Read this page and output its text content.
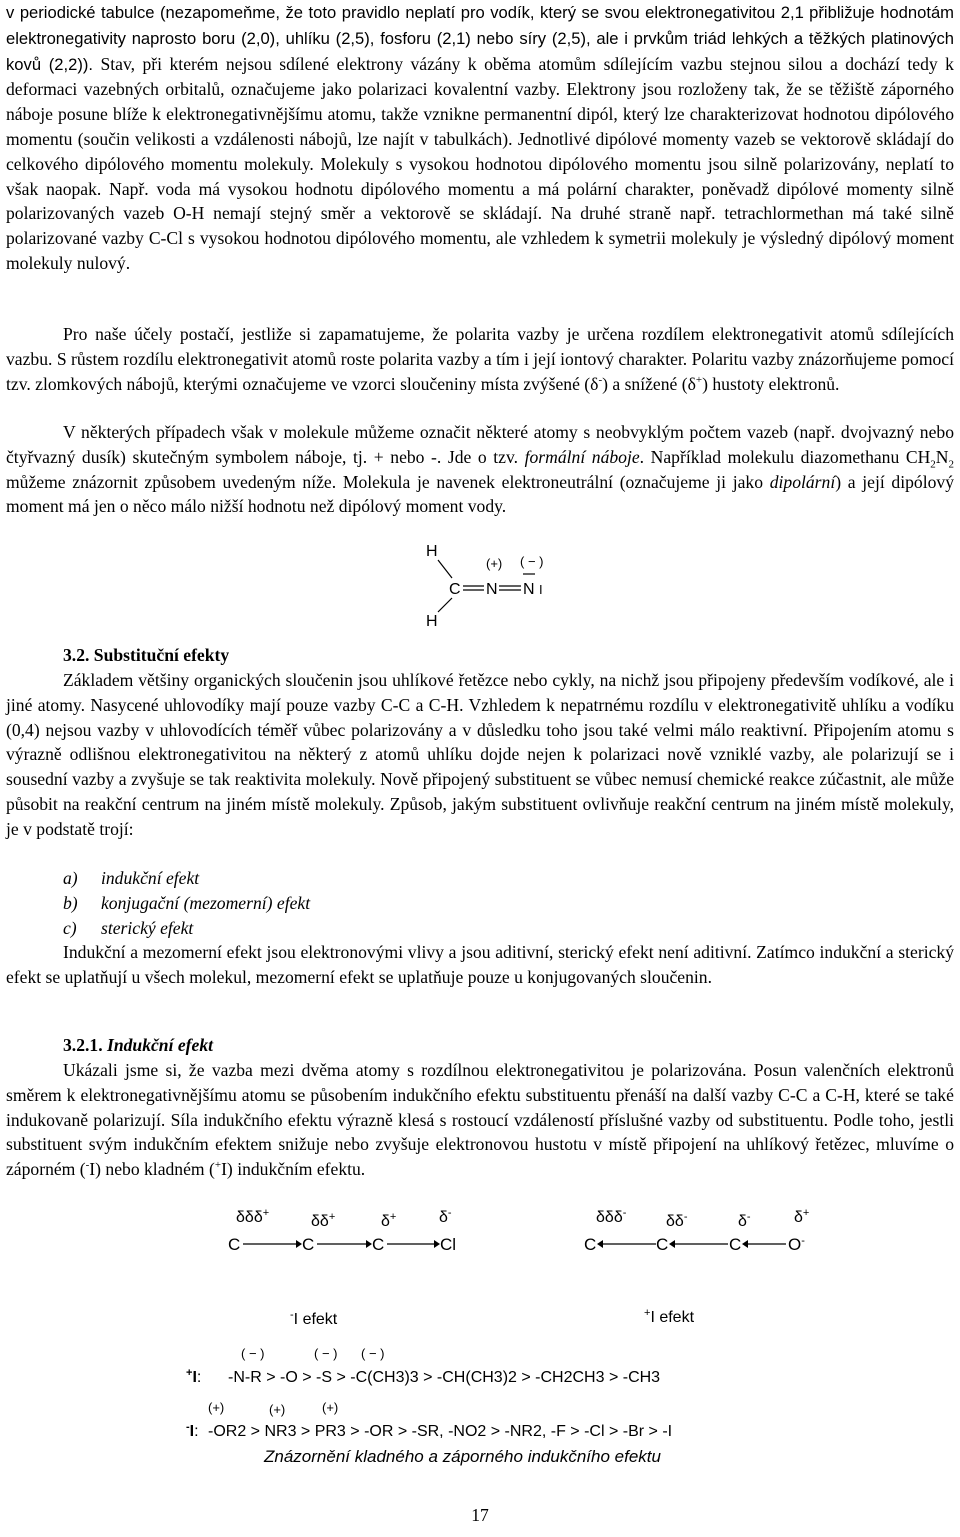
v periodické tabulce (nezapomeňme, že toto pravidlo neplatí pro vodík, který se svou elektronegativitou 2,1 přibližuje hodnotám elektronegativity naprosto boru (2,0), uhlíku (2,5), fosforu (2,1) nebo síry (2,5), ale i prvkům triád lehkých a těžkých platinových kovů (2,2)). Stav, při kterém nejsou sdílené elektrony vázány k oběma atomům sdílejícím vazbu stejnou silou a dochází tedy k deformaci vazebných orbitalů, označujeme jako polarizaci kovalentní vazby. Elektrony jsou rozloženy tak, že se těžiště záporného náboje posune blíže k elektronegativnějšímu atomu, takže vznikne permanentní dipól, který lze charakterizovat hodnotou dipólového momentu (součin velikosti a vzdálenosti nábojů, lze najít v tabulkách). Jednotlivé dipólové momenty vazeb se vektorově skládají do celkového dipólového momentu molekuly. Molekuly s vysokou hodnotou dipólového momentu jsou silně polarizovány, neplatí to však naopak. Např. voda má vysokou hodnotu dipólového momentu a má polární charakter, poněvadž dipólové momenty silně polarizovaných vazeb O-H nemají stejný směr a vektorově se skládají. Na druhé straně např. tetrachlormethan má také silně polarizované vazby C-Cl s vysokou hodnotou dipólového momentu, ale vzhledem k symetrii molekuly je výsledný dipólový moment molekuly nulový.

Pro naše účely postačí, jestliže si zapamatujeme, že polarita vazby je určena rozdílem elektronegativit atomů sdílejících vazbu. S růstem rozdílu elektronegativit atomů roste polarita vazby a tím i její iontový charakter. Polaritu vazby znázorňujeme pomocí tzv. zlomkových nábojů, kterými označujeme ve vzorci sloučeniny místa zvýšené (δ-) a snížené (δ+) hustoty elektronů.

V některých případech však v molekule můžeme označit některé atomy s neobvyklým počtem vazeb (např. dvojvazný nebo čtyřvazný dusík) skutečným symbolem náboje, tj. + nebo -. Jde o tzv. formální náboje. Například molekulu diazomethanu $CH_2N_2$ můžeme znázornit způsobem uvedeným níže. Molekula je navenek elektroneutrální (označujeme ji jako dipolární) a její dipólový moment má jen o něco málo nižší hodnotu než dipólový moment vody.

H
C
H
(+)
N
( − )
N I
3.2. Substituční efekty

Základem většiny organických sloučenin jsou uhlíkové řetězce nebo cykly, na nichž jsou připojeny především vodíkové, ale i jiné atomy. Nasycené uhlovodíky mají pouze vazby C-C a C-H. Vzhledem k nepatrnému rozdílu v elektronegativitě uhlíku a vodíku (0,4) nejsou vazby v uhlovodících téměř vůbec polarizovány a v důsledku toho jsou také velmi málo reaktivní. Připojením atomu s výrazně odlišnou elektronegativitou na některý z atomů uhlíku dojde nejen k polarizaci nově vzniklé vazby, ale polarizují se i sousední vazby a zvyšuje se tak reaktivita molekuly. Nově připojený substituent se vůbec nemusí chemické reakce zúčastnit, ale může působit na reakční centrum na jiném místě molekuly. Způsob, jakým substituent ovlivňuje reakční centrum na jiném místě molekuly, je v podstatě trojí:

a) indukční efekt
b) konjugační (mezomerní) efekt
c) sterický efekt

Indukční a mezomerní efekt jsou elektronovými vlivy a jsou aditivní, sterický efekt není aditivní. Zatímco indukční a sterický efekt se uplatňují u všech molekul, mezomerní efekt se uplatňuje pouze u konjugovaných sloučenin.

3.2.1. Indukční efekt

Ukázali jsme si, že vazba mezi dvěma atomy s rozdílnou elektronegativitou je polarizována. Posun valenčních elektronů směrem k elektronegativnějšímu atomu se působením indukčního efektu substituentu přenáší na další vazby C-C a C-H, které se také indukovaně polarizují. Síla indukčního efektu výrazně klesá s rostoucí vzdáleností příslušné vazby od substituentu. Podle toho, jestli substituent svým indukčním efektem snižuje nebo zvyšuje elektronovou hustotu v místě připojení na uhlíkový řetězec, mluvíme o záporném (-I) nebo kladném (+I) indukčním efektu.

δδδ+	δδ+	δ+	δ-
C	C	C	Cl
-I efekt
δδδ- δδ-	δ-	δ+
C	C	C	O-
+I efekt
( − )	( − ) ( − )
+I: -N-R > -O > -S > -C(CH3)3 > -CH(CH3)2 > -CH2CH3 > -CH3
(+)	(+)	(+)
-I: -OR2 > NR3 > PR3 > -OR > -SR, -NO2 > -NR2, -F > -Cl > -Br > -I
Znázornění kladného a záporného indukčního efektu
17
